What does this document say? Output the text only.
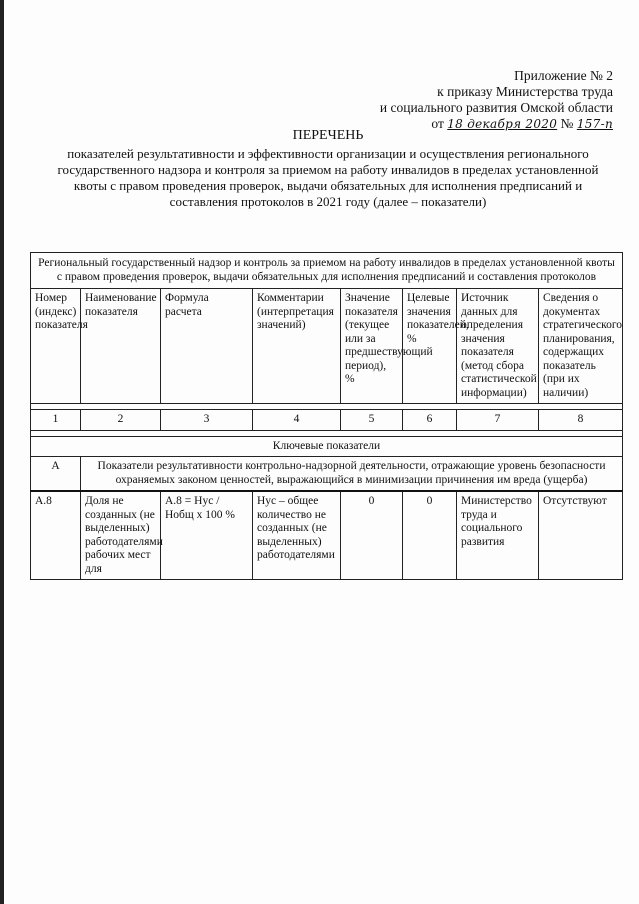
Приложение № 2
к приказу Министерства труда
и социального развития Омской области
от 18 декабря 2020 № 157-п
ПЕРЕЧЕНЬ
показателей результативности и эффективности организации и осуществления регионального государственного надзора и контроля за приемом на работу инвалидов в пределах установленной квоты с правом проведения проверок, выдачи обязательных для исполнения предписаний и составления протоколов в 2021 году (далее – показатели)
Региональный государственный надзор и контроль за приемом на работу инвалидов в пределах установленной квоты с правом проведения проверок, выдачи обязательных для исполнения предписаний и составления протоколов							
Номер (индекс) показателя	Наименование показателя	Формула расчета	Комментарии (интерпретация значений)	Значение показателя (текущее или за предшествующий период), %	Целевые значения показателей, %	Источник данных для определения значения показателя (метод сбора статистической информации)	Сведения о документах стратегического планирования, содержащих показатель (при их наличии)

1	2	3	4	5	6	7	8

Ключевые показатели							
А	Показатели результативности контрольно-надзорной деятельности, отражающие уровень безопасности охраняемых законом ценностей, выражающийся в минимизации причинения им вреда (ущерба)						
А.8	Доля не созданных (не выделенных) работодателями рабочих мест для	А.8 = Нус / Нобщ х 100 %	Нус – общее количество не созданных (не выделенных) работодателями	0	0	Министерство труда и социального развития	Отсутствуют
